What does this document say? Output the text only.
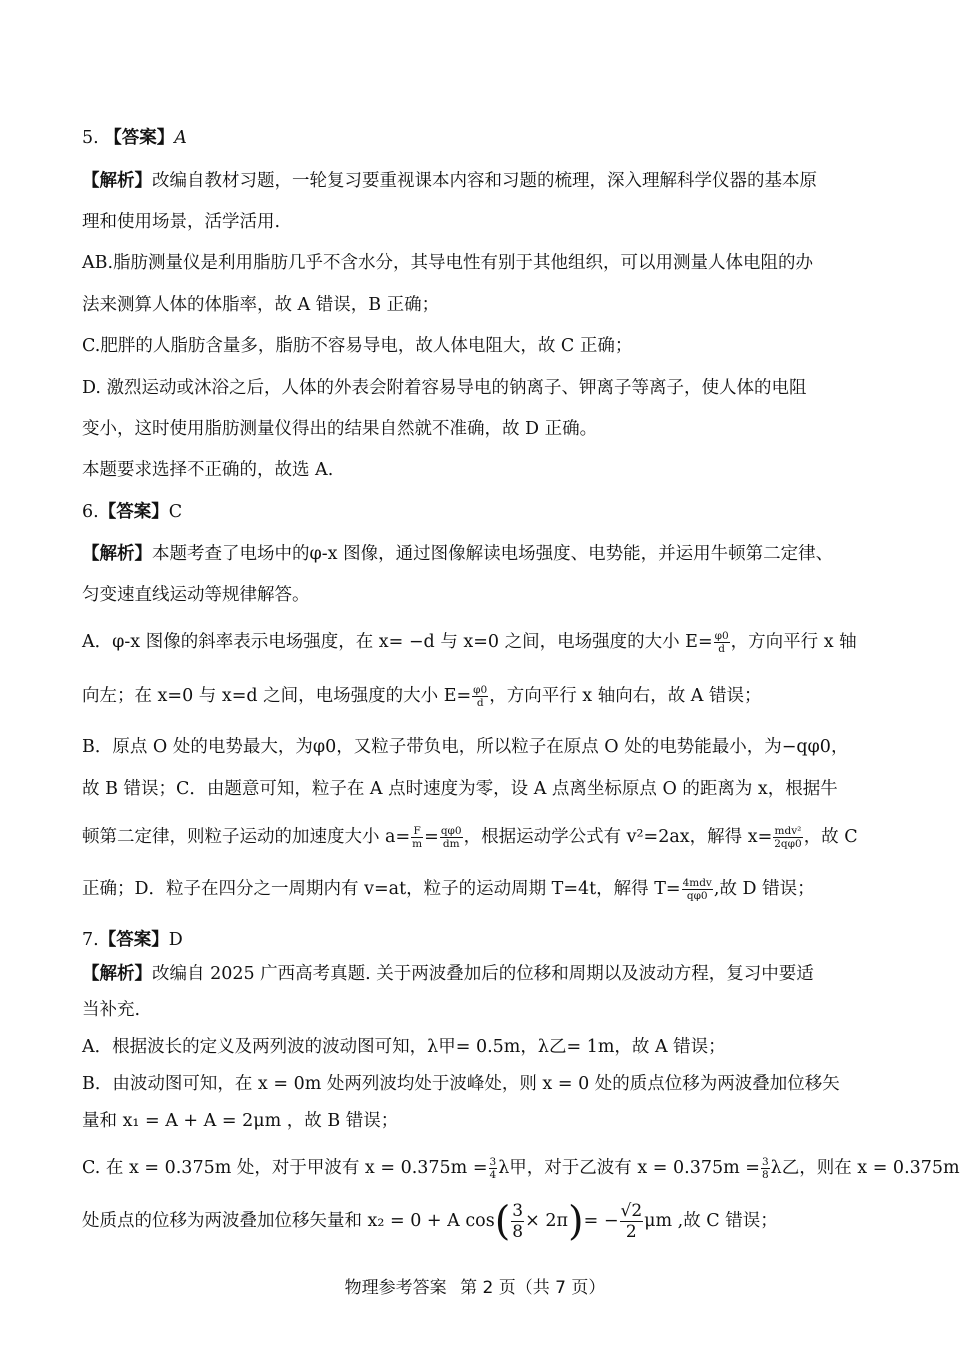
5. 【答案】A
【解析】改编自教材习题，一轮复习要重视课本内容和习题的梳理，深入理解科学仪器的基本原
理和使用场景，活学活用.
AB.脂肪测量仪是利用脂肪几乎不含水分，其导电性有别于其他组织，可以用测量人体电阻的办
法来测算人体的体脂率，故 A 错误，B 正确；
C.肥胖的人脂肪含量多，脂肪不容易导电，故人体电阻大，故 C 正确；
D. 激烈运动或沐浴之后，人体的外表会附着容易导电的钠离子、钾离子等离子，使人体的电阻
变小，这时使用脂肪测量仪得出的结果自然就不准确，故 D 正确。
本题要求选择不正确的，故选 A.
6.【答案】C
【解析】本题考查了电场中的φ-x 图像，通过图像解读电场强度、电势能，并运用牛顿第二定律、
匀变速直线运动等规律解答。
A．φ-x 图像的斜率表示电场强度，在 x= −d 与 x=0 之间，电场强度的大小 $E= \frac{\varphi 0}{d}$ ，方向平行 x 轴
向左；在 x=0 与 x=d 之间，电场强度的大小 $E= \frac{\varphi 0}{d}$ ，方向平行 x 轴向右，故 A 错误；
B．原点 O 处的电势最大，为φ0，又粒子带负电，所以粒子在原点 O 处的电势能最小，为−qφ0，
故 B 错误；C．由题意可知，粒子在 A 点时速度为零，设 A 点离坐标原点 O 的距离为 x，根据牛
顿第二定律，则粒子运动的加速度大小 $a= \frac{F}{m} = \frac{q\varphi 0}{dm}$ ，根据运动学公式有 v²=2ax，解得 $x= \frac{\text{mdv²}}{2q\varphi 0}$ ，故 C
正确；D．粒子在四分之一周期内有 v=at，粒子的运动周期 T=4t，解得 $T= \frac{\text{4mdv}}{q\varphi 0}$ ,故 D 错误；
7.【答案】D
【解析】改编自 2025 广西高考真题. 关于两波叠加后的位移和周期以及波动方程，复习中要适
当补充.
A．根据波长的定义及两列波的波动图可知，λ甲= 0.5m，λ乙= 1m，故 A 错误；
B．由波动图可知，在 x = 0m 处两列波均处于波峰处，则 x = 0 处的质点位移为两波叠加位移矢
量和 x₁ = A + A = 2μm ，故 B 错误；
C. 在 x = 0.375m 处，对于甲波有 $x = 0.375m = \frac{3}{4}$ λ甲，对于乙波有 $x = 0.375m = \frac{3}{8}$ λ乙，则在 x = 0.375m
处质点的位移为两波叠加位移矢量和 x₂ = 0 + A $\cos( \frac{3}{8} \times 2\pi)= - \frac{√2}{2}$ μm ,故 C 错误；
物理参考答案 第 2 页（共 7 页）
